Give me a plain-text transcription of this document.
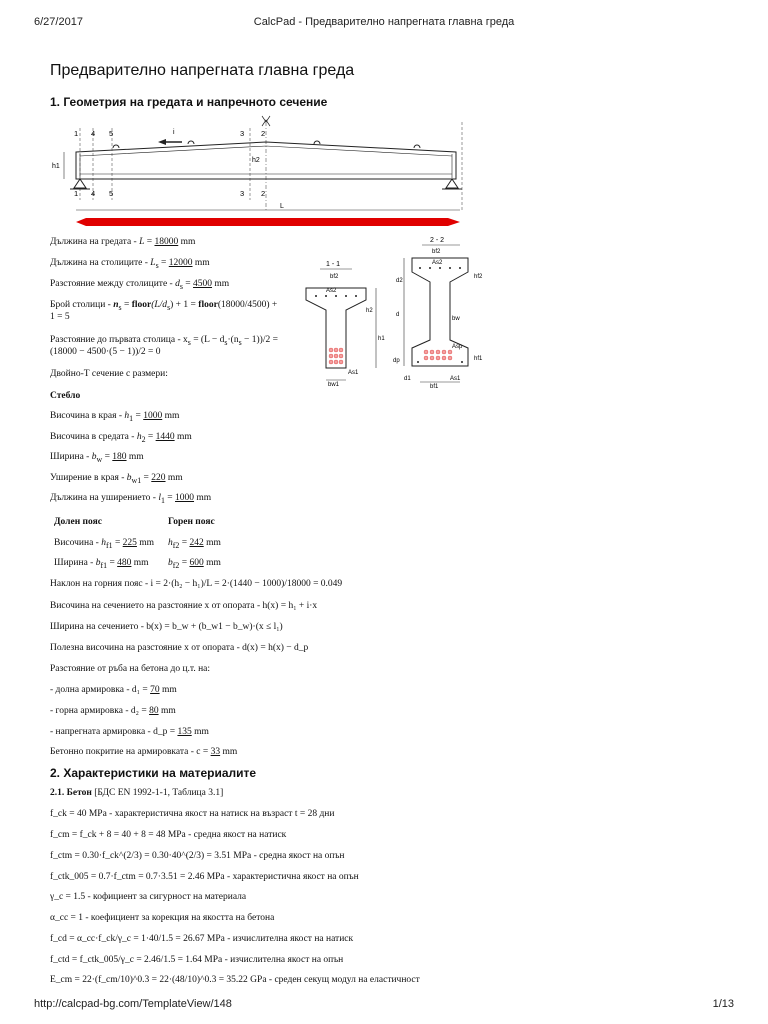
6/27/2017	CalcPad - Предварително напрегната главна греда
Предварително напрегната главна греда
1. Геометрия на гредата и напречното сечение
L
i
1 4 5	3 2
1 4 5	3 2
h1
h2
1 - 1
bf2
As2
As1
bw1
h2
h1
2 - 2
bf2
As2
bw
Asp
As1
hf2
hf1
bf1
d2
d
dp
d1
Дължина на гредата - L = 18000 mm
Дължина на столиците - $L_s = 12000$ mm
Разстояние между столиците - $d_s = 4500$ mm
Брой столици - $n_s$ = $floor(L/d_s) + 1$ = floor(18000/4500) +
1 = 5
Разстояние до първата столица - $x_s = (L - d_s\cdot(n_s - 1))/2$ =
(18000 − 4500·(5 − 1))/2 = 0
Двойно-Т сечение с размери:
Стебло
Височина в края - $h_1 = 1000$ mm
Височина в средата - $h_2 = 1440$ mm
Ширина - $b_w = 180$ mm
Уширение в края - $b_{w1} = 220$ mm
Дължина на уширението - $l_1 = 1000$ mm
Долен пояс	Горен пояс
Височина - $h_{f1} = 225$ mm $h_{f2} = 242$ mm
Ширина - $b_{f1} = 480$ mm $b_{f2} = 600$ mm
Наклон на горния пояс - i = 2·(h₂ − h₁)/L = 2·(1440 − 1000)/18000 = 0.049
Височина на сечението на разстояние x от опората - h(x) = h₁ + i·x
Ширина на сечението - b(x) = b_w + (b_w1 − b_w)·(x ≤ l₁)
Полезна височина на разстояние x от опората - d(x) = h(x) − d_p
Разстояние от ръба на бетона до ц.т. на:
- долна армировка - d₁ = 70 mm
- горна армировка - d₂ = 80 mm
- напрегната армировка - d_p = 135 mm
Бетонно покритие на армировката - c = 33 mm
2. Характеристики на материалите
2.1. Бетон [БДС EN 1992-1-1, Таблица 3.1]
f_ck = 40 MPa - характеристична якост на натиск на възраст t = 28 дни
f_cm = f_ck + 8 = 40 + 8 = 48 MPa - средна якост на натиск
f_ctm = 0.30·f_ck^(2/3) = 0.30·40^(2/3) = 3.51 MPa - средна якост на опън
f_ctk_005 = 0.7·f_ctm = 0.7·3.51 = 2.46 MPa - характеристична якост на опън
γ_c = 1.5 - кофициент за сигурност на материала
α_cc = 1 - коефициент за корекция на якостта на бетона
f_cd = α_cc·f_ck/γ_c = 1·40/1.5 = 26.67 MPa - изчислителна якост на натиск
f_ctd = f_ctk_005/γ_c = 2.46/1.5 = 1.64 MPa - изчислителна якост на опън
E_cm = 22·(f_cm/10)^0.3 = 22·(48/10)^0.3 = 35.22 GPa - среден секущ модул на еластичност
http://calcpad-bg.com/TemplateView/148	1/13
